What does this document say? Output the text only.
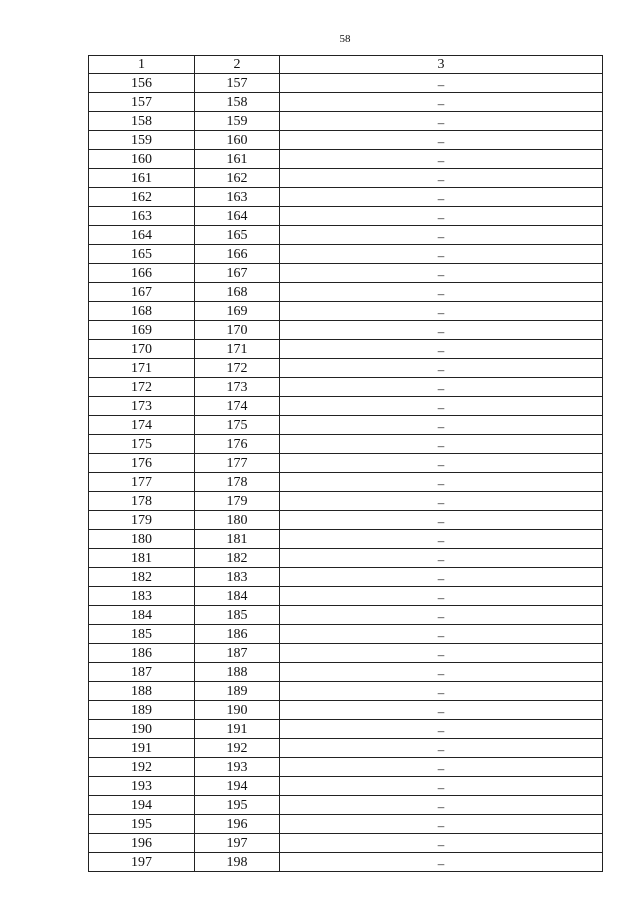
58
1	2	3
156	157	–
157	158	–
158	159	–
159	160	–
160	161	–
161	162	–
162	163	–
163	164	–
164	165	–
165	166	–
166	167	–
167	168	–
168	169	–
169	170	–
170	171	–
171	172	–
172	173	–
173	174	–
174	175	–
175	176	–
176	177	–
177	178	–
178	179	–
179	180	–
180	181	–
181	182	–
182	183	–
183	184	–
184	185	–
185	186	–
186	187	–
187	188	–
188	189	–
189	190	–
190	191	–
191	192	–
192	193	–
193	194	–
194	195	–
195	196	–
196	197	–
197	198	–
